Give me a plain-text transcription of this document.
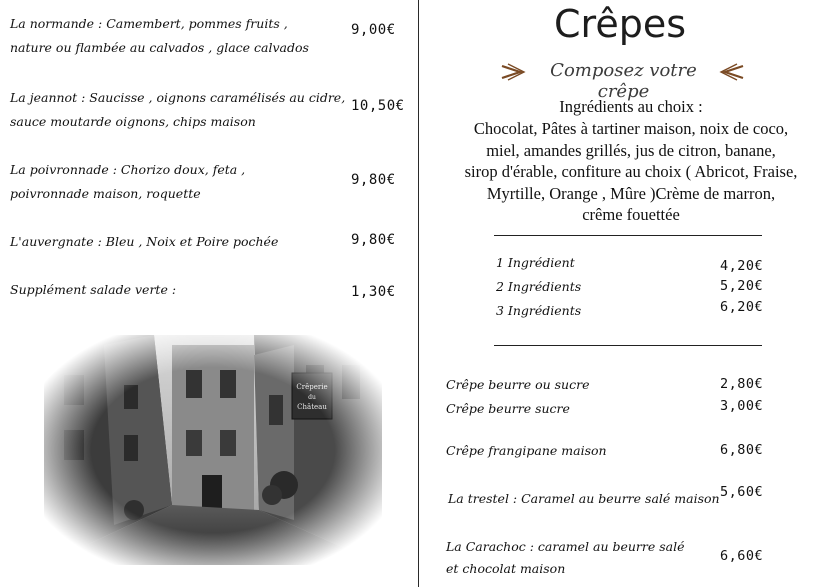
La normande : Camembert, pommes fruits ,
nature ou flambée au calvados , glace calvados
9,00€
La jeannot : Saucisse , oignons caramélisés au cidre,
sauce moutarde oignons, chips maison
10,50€
La poivronnade : Chorizo doux, feta ,
poivronnade maison, roquette
9,80€
L'auvergnate : Bleu , Noix et Poire pochée	9,80€
Supplément salade verte :	1,30€
Crêpes
Composez votre crêpe
Ingrédients au choix :
Chocolat, Pâtes à tartiner maison, noix de coco,
miel, amandes grillés, jus de citron, banane,
sirop d'érable, confiture au choix ( Abricot, Fraise,
Myrtille, Orange , Mûre )Crème de marron,
crême fouettée
1 Ingrédient	4,20€
2 Ingrédients	5,20€
3 Ingrédients	6,20€
Crêpe beurre ou sucre	2,80€
Crêpe beurre sucre	3,00€
Crêpe frangipane maison	6,80€
La trestel : Caramel au beurre salé maison 5,60€
La Carachoc : caramel au beurre salé
et chocolat maison
6,60€
